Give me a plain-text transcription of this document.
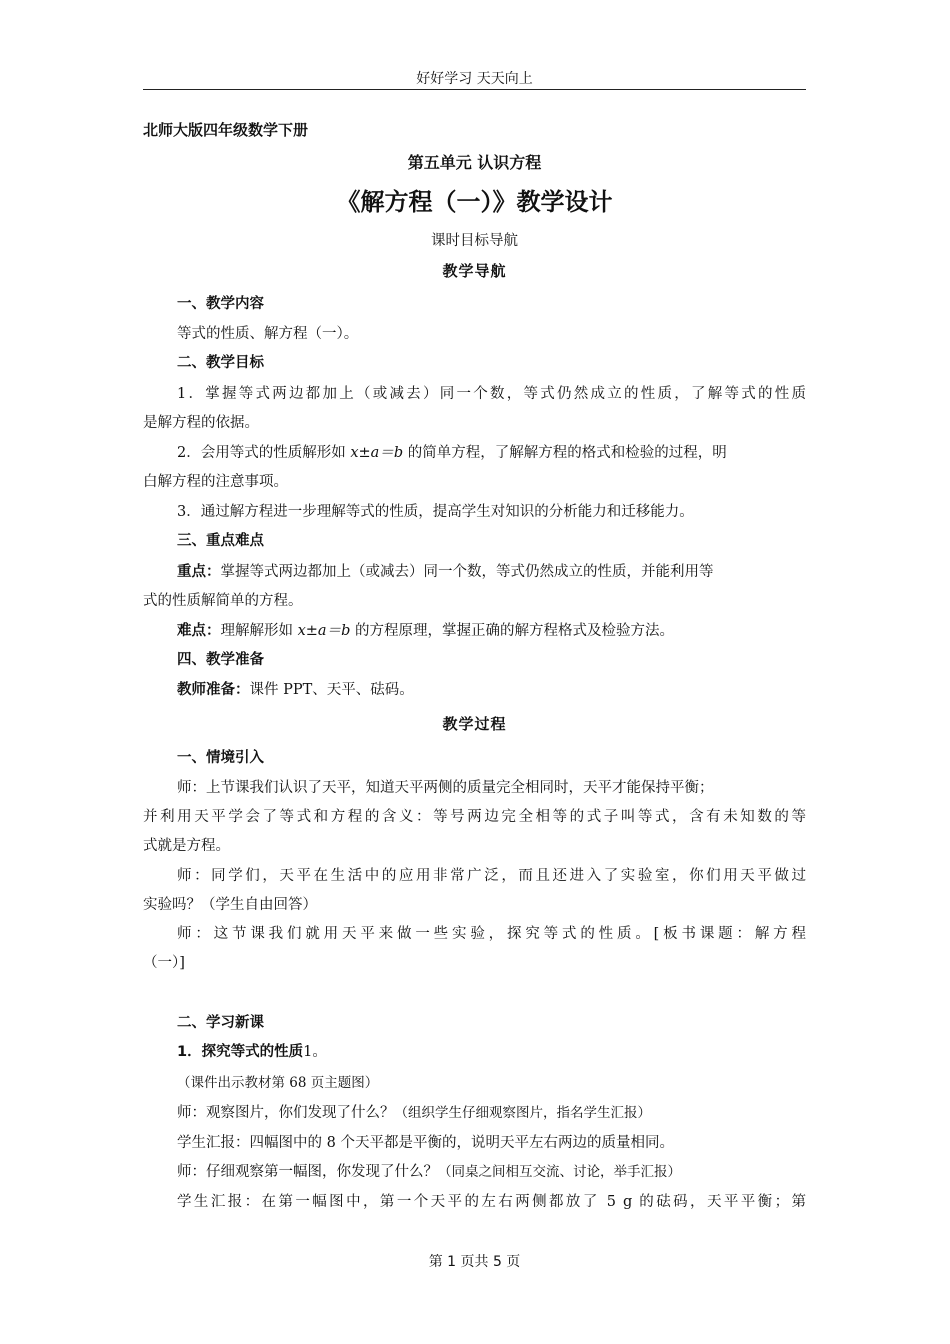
好好学习 天天向上
北师大版四年级数学下册
第五单元 认识方程
《解方程（一）》教学设计
课时目标导航
教学导航
一、教学内容
等式的性质、解方程（一）。
二、教学目标
1．掌握等式两边都加上（或减去）同一个数，等式仍然成立的性质，了解等式的性质
是解方程的依据。
2．会用等式的性质解形如 x±a＝b 的简单方程，了解解方程的格式和检验的过程，明
白解方程的注意事项。
3．通过解方程进一步理解等式的性质，提高学生对知识的分析能力和迁移能力。
三、重点难点
重点：掌握等式两边都加上（或减去）同一个数，等式仍然成立的性质，并能利用等
式的性质解简单的方程。
难点：理解解形如 x±a＝b 的方程原理，掌握正确的解方程格式及检验方法。
四、教学准备
教师准备：课件 PPT、天平、砝码。
教学过程
一、情境引入
师：上节课我们认识了天平，知道天平两侧的质量完全相同时，天平才能保持平衡；
并利用天平学会了等式和方程的含义：等号两边完全相等的式子叫等式，含有未知数的等
式就是方程。
师：同学们，天平在生活中的应用非常广泛，而且还进入了实验室，你们用天平做过
实验吗？（学生自由回答）
师：这节课我们就用天平来做一些实验，探究等式的性质。[板书课题：解方程
（一）]
二、学习新课
1．探究等式的性质1。
（课件出示教材第 68 页主题图）
师：观察图片，你们发现了什么？（组织学生仔细观察图片，指名学生汇报）
学生汇报：四幅图中的 8 个天平都是平衡的，说明天平左右两边的质量相同。
师：仔细观察第一幅图，你发现了什么？（同桌之间相互交流、讨论，举手汇报）
学生汇报：在第一幅图中，第一个天平的左右两侧都放了 5 g 的砝码，天平平衡；第
第 1 页共 5 页
